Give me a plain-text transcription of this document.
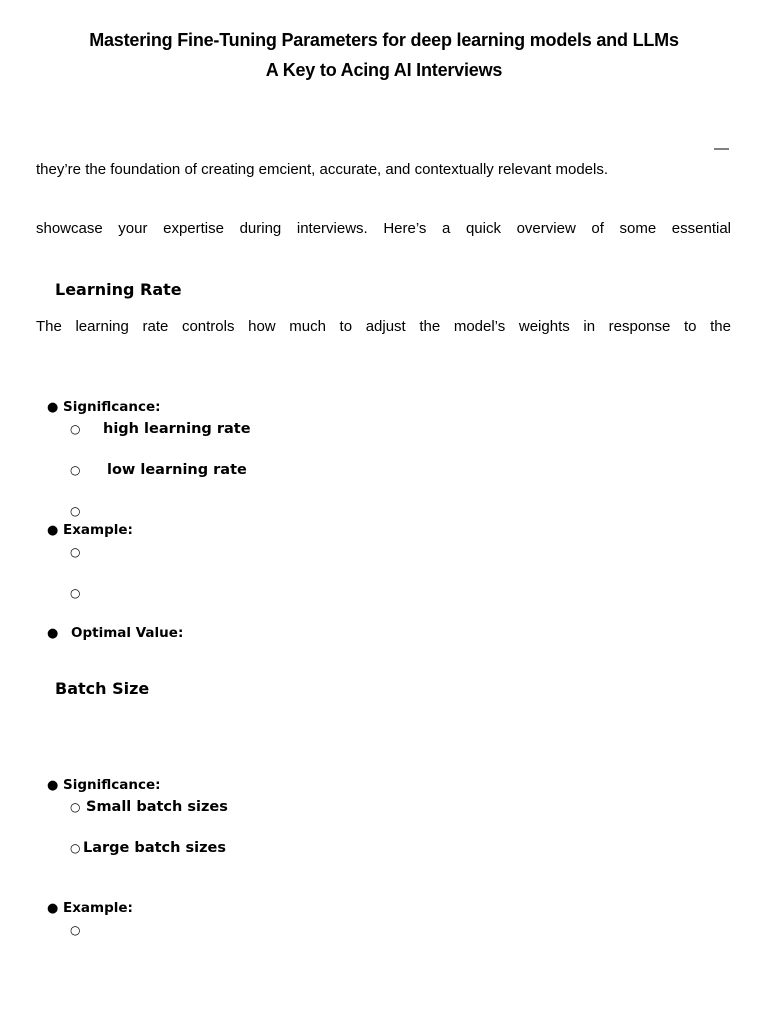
Mastering Fine-Tuning Parameters for deep learning models and LLMs
A Key to Acing AI Interviews
—
they’re the foundation of creating emcient, accurate, and contextually relevant models.
showcase your expertise during interviews. Here’s a quick overview of some essential
Learning Rate
The learning rate controls how much to adjust the model’s weights in response to the
● Signiflcance:
○ high learning rate
○ low learning rate
○
● Example:
○
○
● Optimal Value:
Batch Size
● Signiflcance:
○ Small batch sizes
○ Large batch sizes
● Example:
○
